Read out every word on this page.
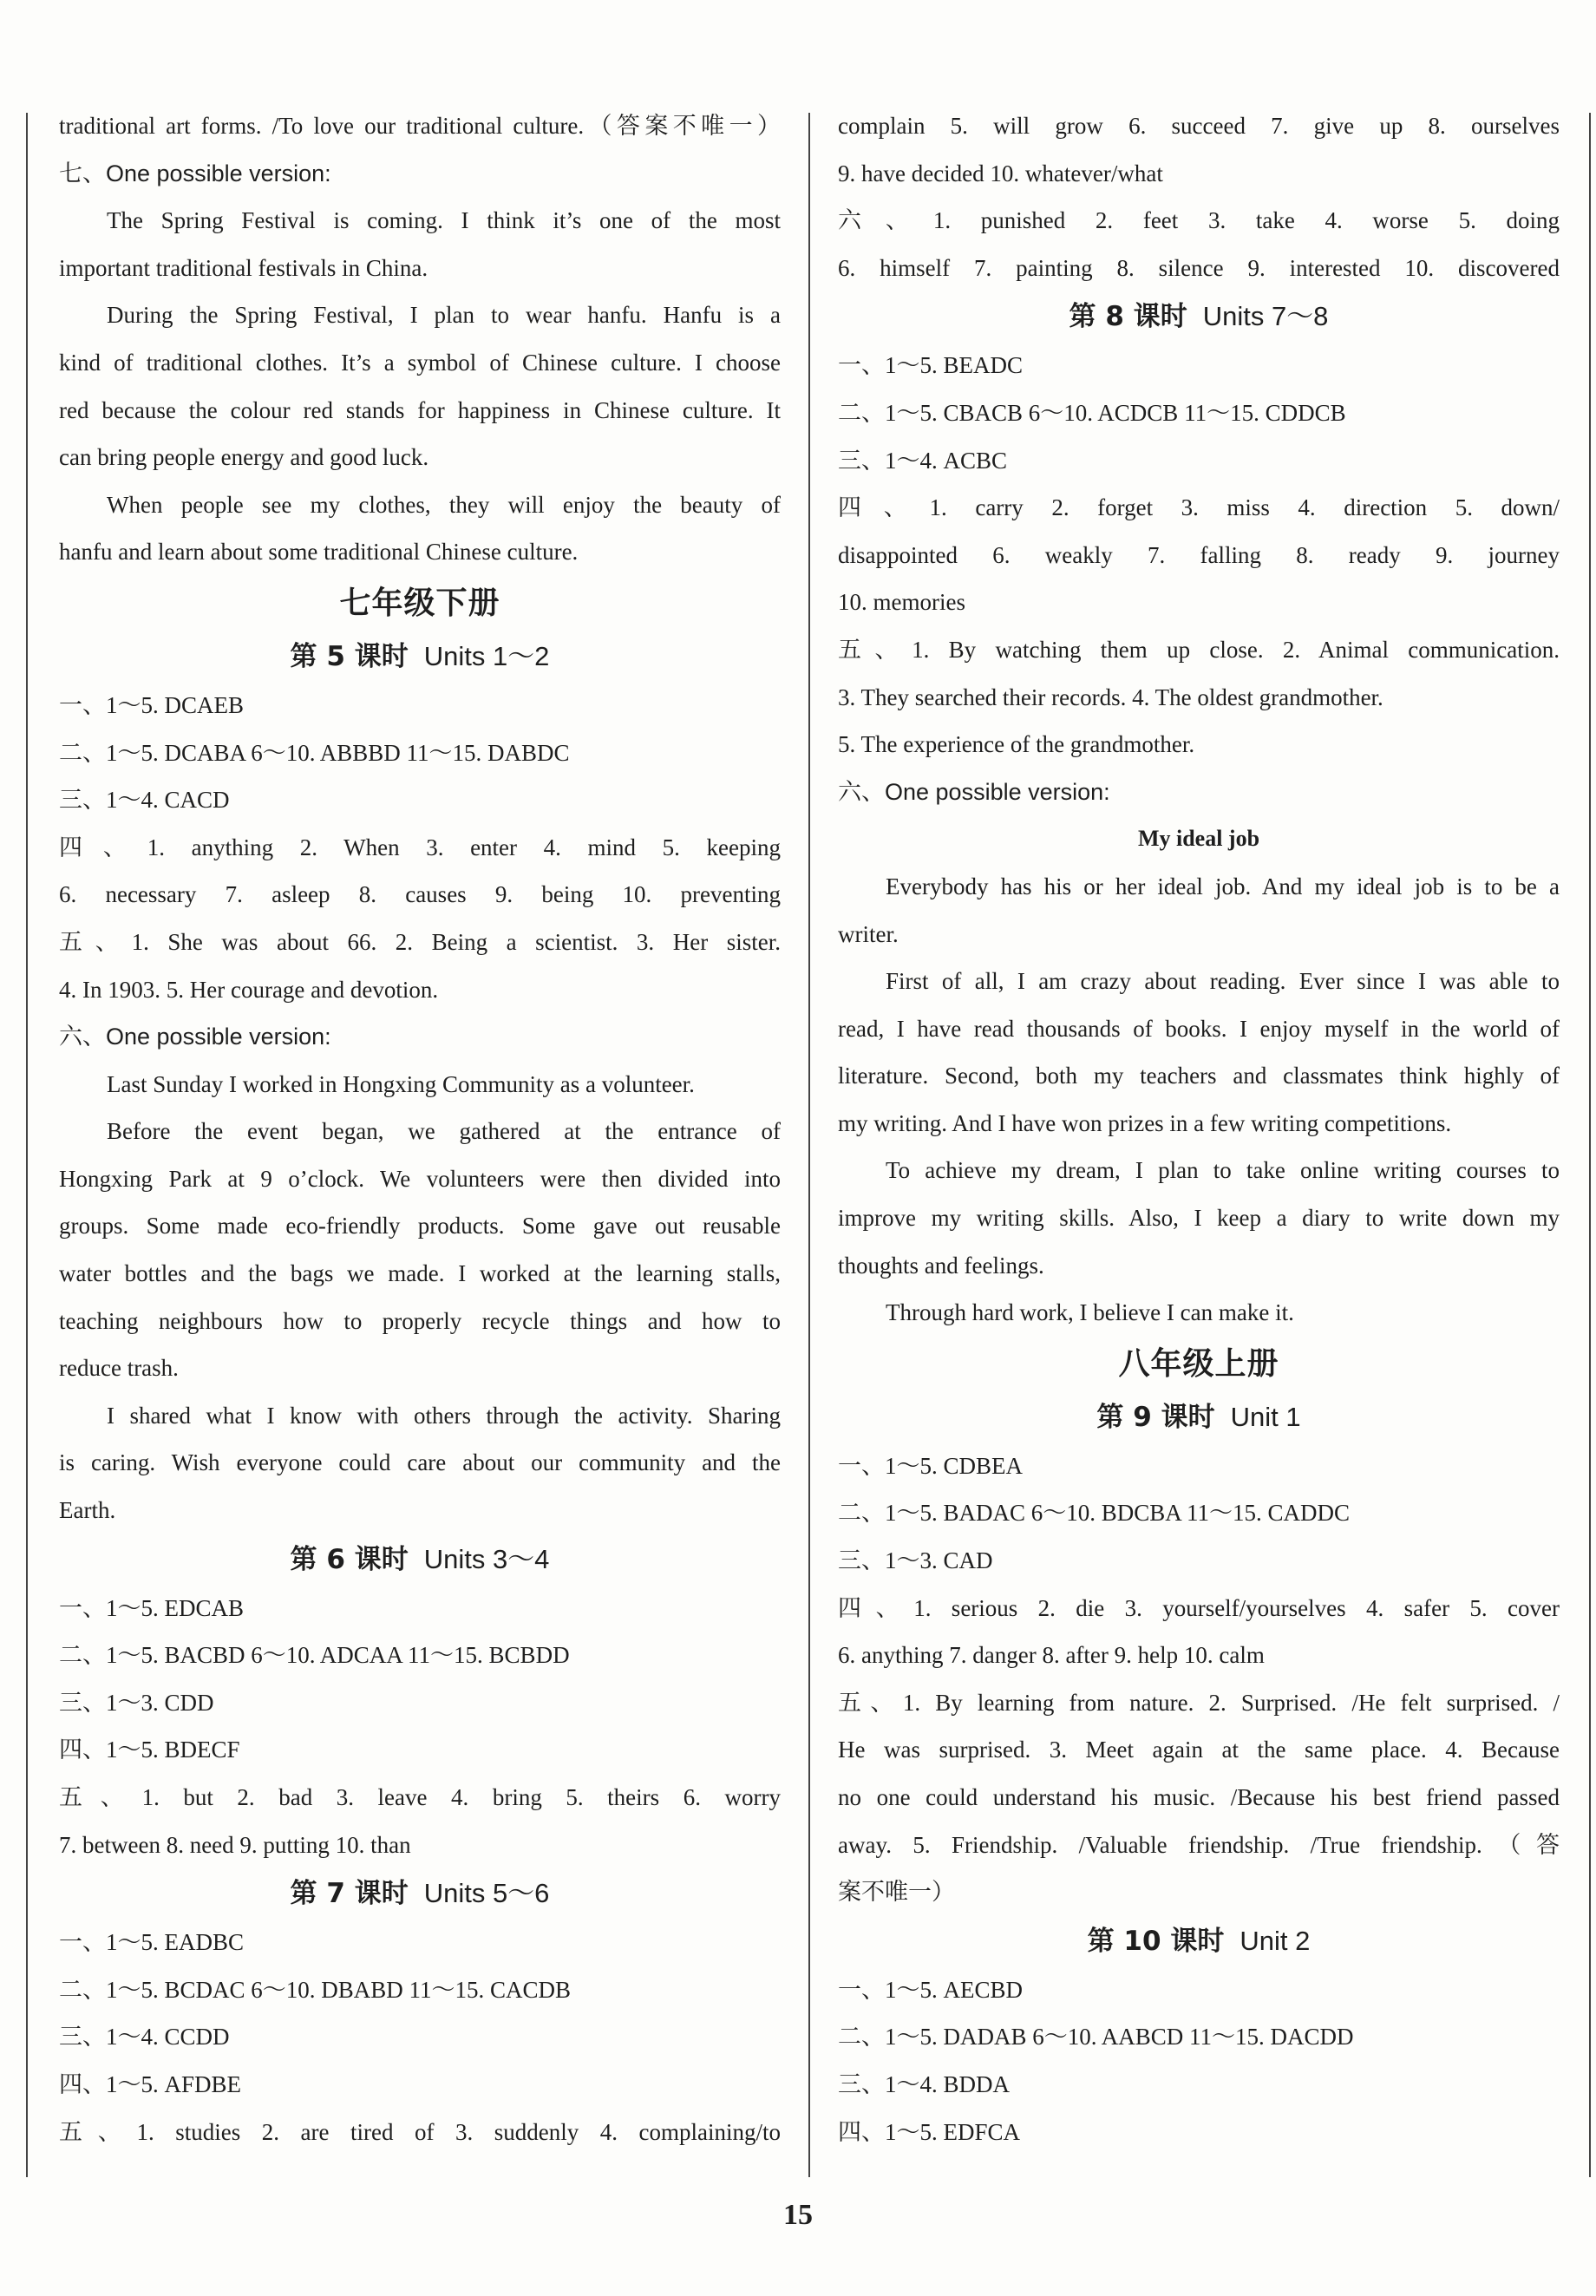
traditional art forms. /To love our traditional culture.（答案不唯一）
七、One possible version:
The Spring Festival is coming. I think it’s one of the most
important traditional festivals in China.
During the Spring Festival, I plan to wear hanfu. Hanfu is a
kind of traditional clothes. It’s a symbol of Chinese culture. I choose
red because the colour red stands for happiness in Chinese culture. It
can bring people energy and good luck.
When people see my clothes, they will enjoy the beauty of
hanfu and learn about some traditional Chinese culture.
七年级下册
第 5 课时 Units 1～2
一、1～5. DCAEB
二、1～5. DCABA 6～10. ABBBD 11～15. DABDC
三、1～4. CACD
四、1. anything 2. When 3. enter 4. mind 5. keeping
6. necessary 7. asleep 8. causes 9. being 10. preventing
五、1. She was about 66. 2. Being a scientist. 3. Her sister.
4. In 1903. 5. Her courage and devotion.
六、One possible version:
Last Sunday I worked in Hongxing Community as a volunteer.
Before the event began, we gathered at the entrance of
Hongxing Park at 9 o’clock. We volunteers were then divided into
groups. Some made eco-friendly products. Some gave out reusable
water bottles and the bags we made. I worked at the learning stalls,
teaching neighbours how to properly recycle things and how to
reduce trash.
I shared what I know with others through the activity. Sharing
is caring. Wish everyone could care about our community and the
Earth.
第 6 课时 Units 3～4
一、1～5. EDCAB
二、1～5. BACBD 6～10. ADCAA 11～15. BCBDD
三、1～3. CDD
四、1～5. BDECF
五、1. but 2. bad 3. leave 4. bring 5. theirs 6. worry
7. between 8. need 9. putting 10. than
第 7 课时 Units 5～6
一、1～5. EADBC
二、1～5. BCDAC 6～10. DBABD 11～15. CACDB
三、1～4. CCDD
四、1～5. AFDBE
五、1. studies 2. are tired of 3. suddenly 4. complaining/to
complain 5. will grow 6. succeed 7. give up 8. ourselves
9. have decided 10. whatever/what
六、1. punished 2. feet 3. take 4. worse 5. doing
6. himself 7. painting 8. silence 9. interested 10. discovered
第 8 课时 Units 7～8
一、1～5. BEADC
二、1～5. CBACB 6～10. ACDCB 11～15. CDDCB
三、1～4. ACBC
四、1. carry 2. forget 3. miss 4. direction 5. down/
disappointed 6. weakly 7. falling 8. ready 9. journey
10. memories
五、1. By watching them up close. 2. Animal communication.
3. They searched their records. 4. The oldest grandmother.
5. The experience of the grandmother.
六、One possible version:
My ideal job
Everybody has his or her ideal job. And my ideal job is to be a
writer.
First of all, I am crazy about reading. Ever since I was able to
read, I have read thousands of books. I enjoy myself in the world of
literature. Second, both my teachers and classmates think highly of
my writing. And I have won prizes in a few writing competitions.
To achieve my dream, I plan to take online writing courses to
improve my writing skills. Also, I keep a diary to write down my
thoughts and feelings.
Through hard work, I believe I can make it.
八年级上册
第 9 课时 Unit 1
一、1～5. CDBEA
二、1～5. BADAC 6～10. BDCBA 11～15. CADDC
三、1～3. CAD
四、1. serious 2. die 3. yourself/yourselves 4. safer 5. cover
6. anything 7. danger 8. after 9. help 10. calm
五、1. By learning from nature. 2. Surprised. /He felt surprised. /
He was surprised. 3. Meet again at the same place. 4. Because
no one could understand his music. /Because his best friend passed
away. 5. Friendship. /Valuable friendship. /True friendship.（答
案不唯一）
第 10 课时 Unit 2
一、1～5. AECBD
二、1～5. DADAB 6～10. AABCD 11～15. DACDD
三、1～4. BDDA
四、1～5. EDFCA
15
